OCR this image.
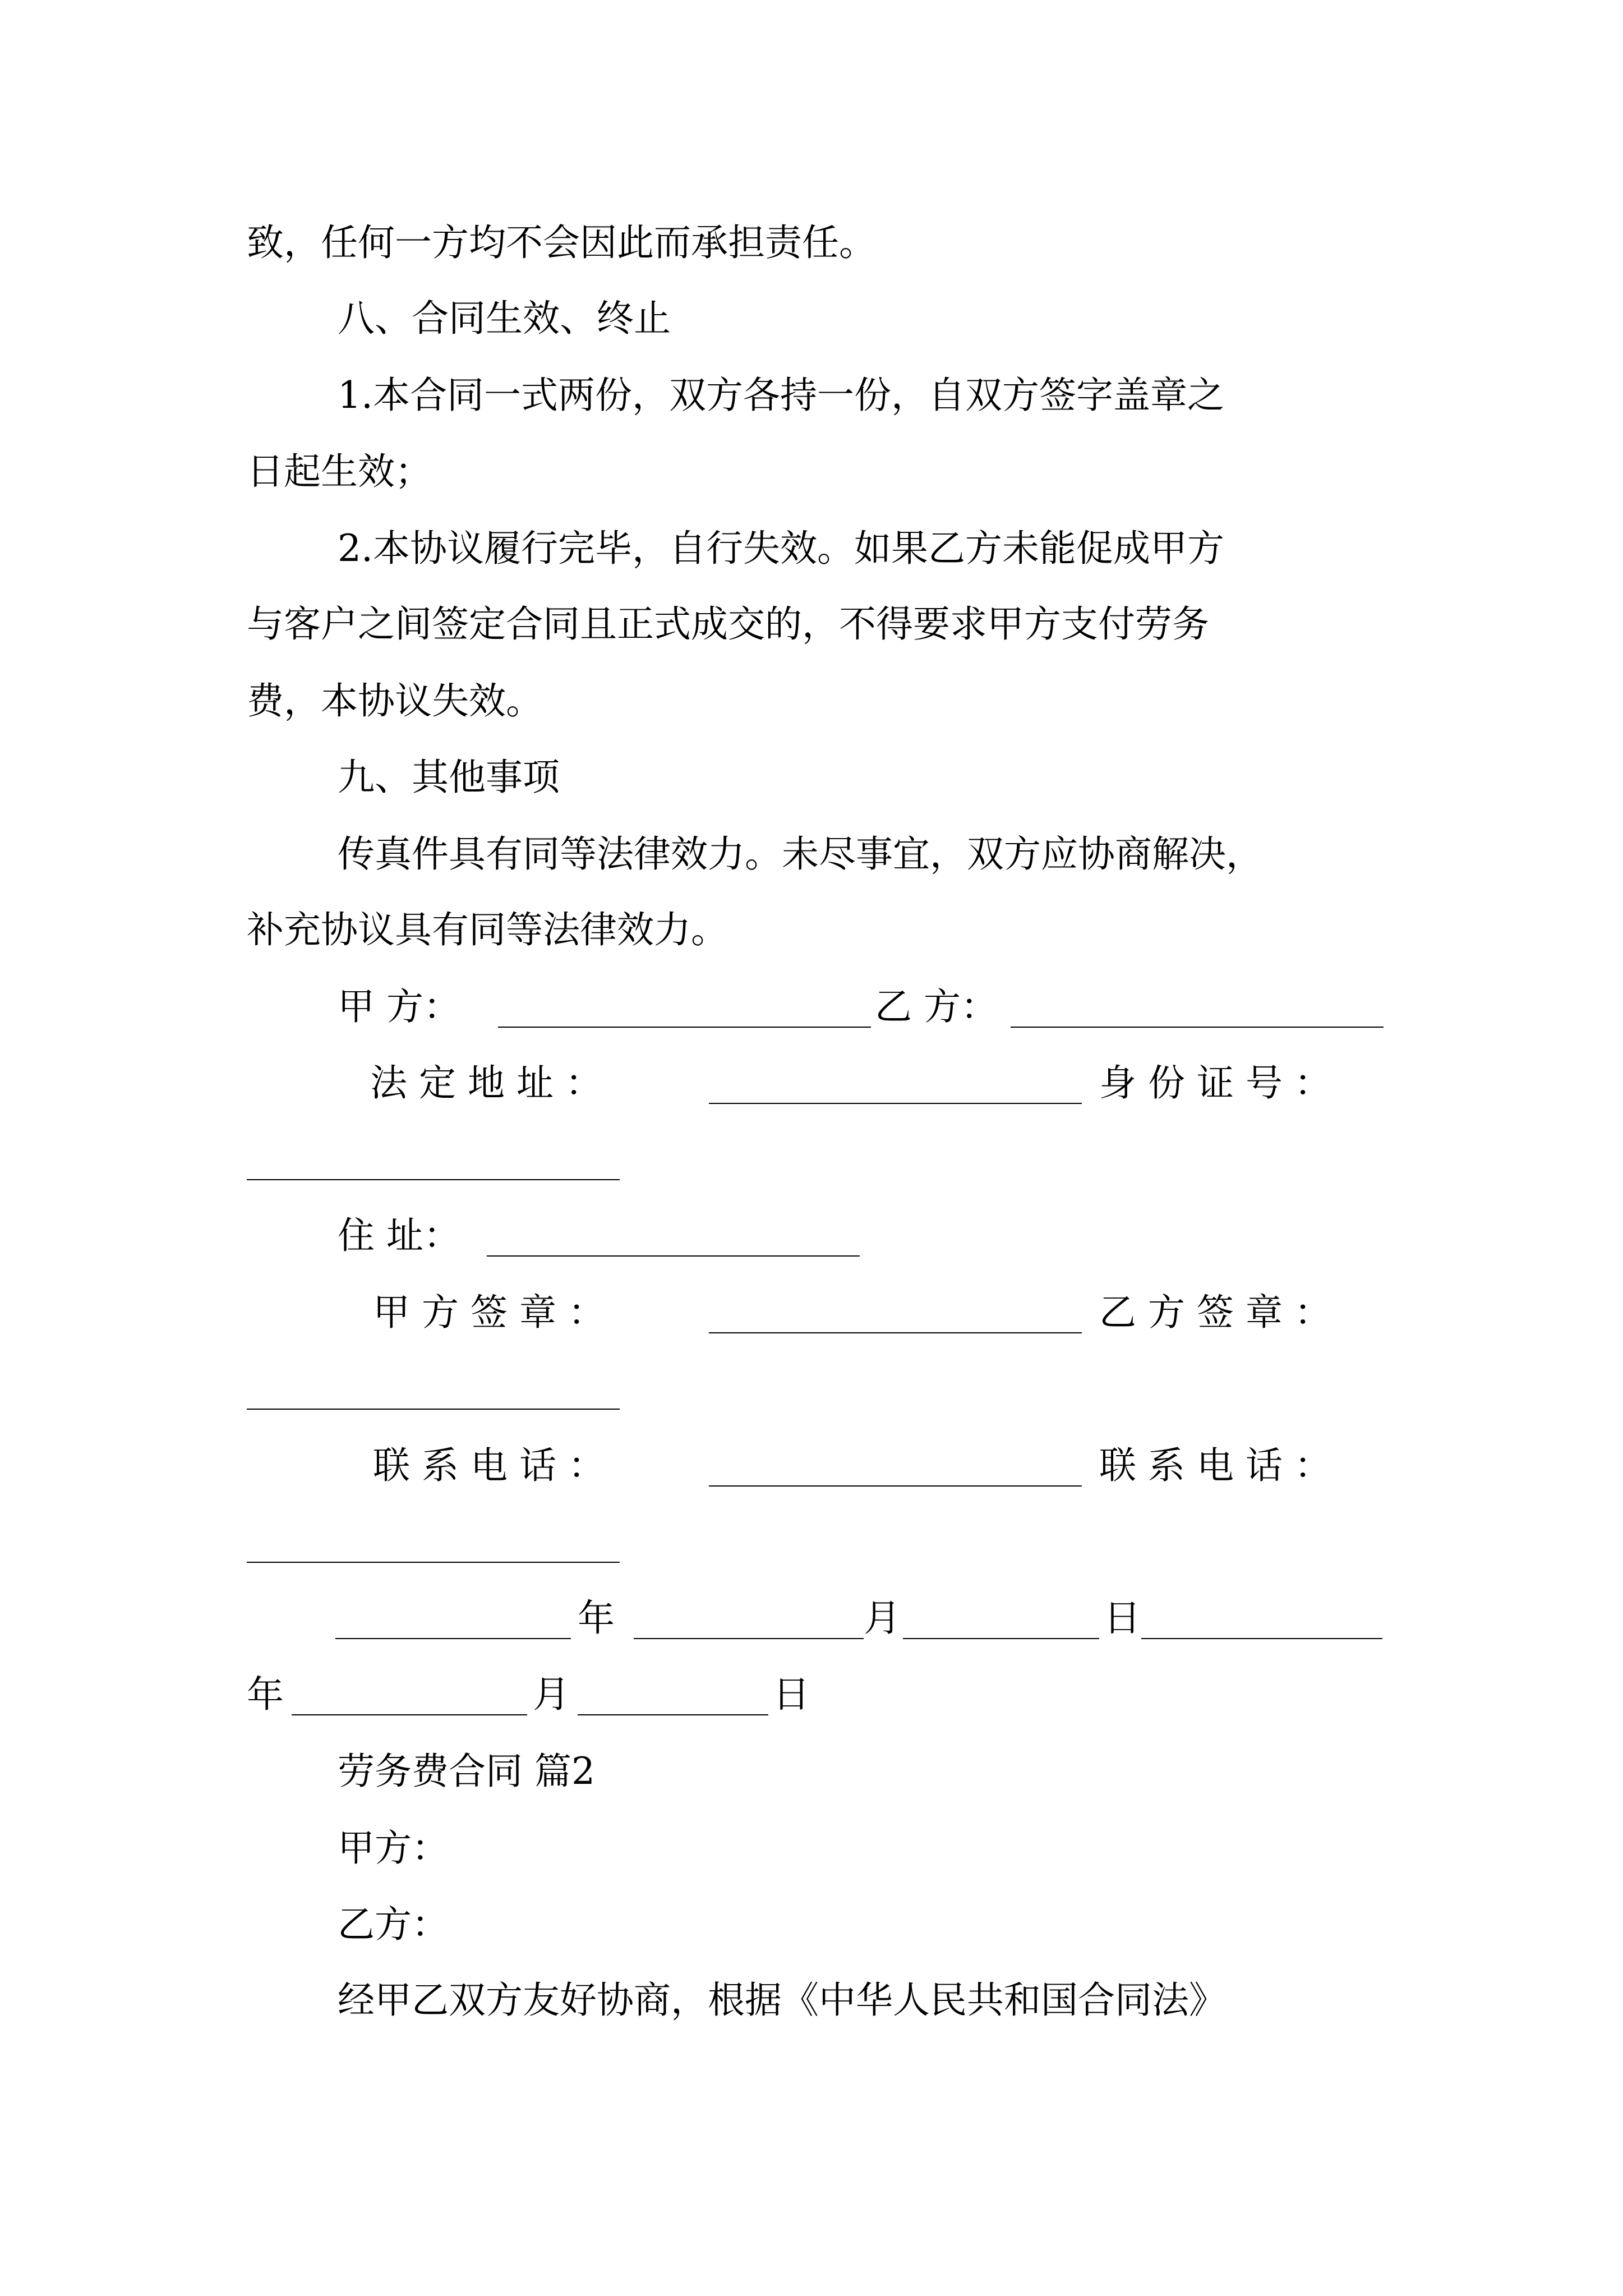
致，任何一方均不会因此而承担责任。
八、合同生效、终止
1.本合同一式两份，双方各持一份，自双方签字盖章之
日起生效；
2.本协议履行完毕，自行失效。如果乙方未能促成甲方
与客户之间签定合同且正式成交的，不得要求甲方支付劳务
费，本协议失效。
九、其他事项
传真件具有同等法律效力。未尽事宜，双方应协商解决，
补充协议具有同等法律效力。
甲 方：	乙 方：
法 定 地 址 ：	身 份 证 号 ：
住 址：
甲 方 签 章 ：	乙 方 签 章 ：
联 系 电 话 ：	联 系 电 话 ：
年	月	日
年	月	日
劳务费合同 篇2
甲方：
乙方：
经甲乙双方友好协商，根据《中华人民共和国合同法》
